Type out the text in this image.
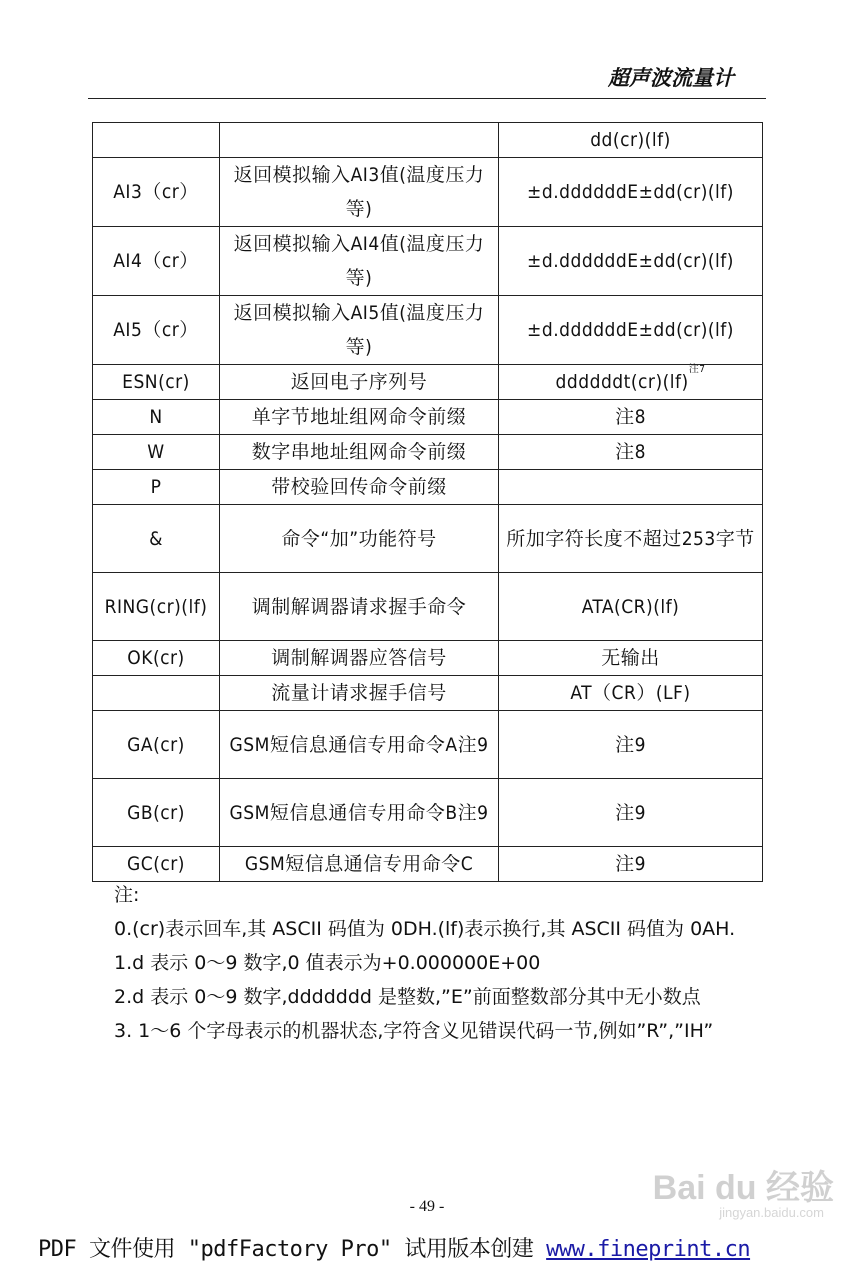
超声波流量计
		dd(cr)(lf)
AI3（cr）	返回模拟输入AI3值(温度压力等)	±d.ddddddE±dd(cr)(lf)
AI4（cr）	返回模拟输入AI4值(温度压力等)	±d.ddddddE±dd(cr)(lf)
AI5（cr）	返回模拟输入AI5值(温度压力等)	±d.ddddddE±dd(cr)(lf)
ESN(cr)	返回电子序列号	ddddddt(cr)(lf)$^{注7}$
N	单字节地址组网命令前缀	注8
W	数字串地址组网命令前缀	注8
P	带校验回传命令前缀	
&	命令“加”功能符号	所加字符长度不超过253字节
RING(cr)(lf)	调制解调器请求握手命令	ATA(CR)(lf)
OK(cr)	调制解调器应答信号	无输出
	流量计请求握手信号	AT（CR）(LF)
GA(cr)	GSM短信息通信专用命令A注9	注9
GB(cr)	GSM短信息通信专用命令B注9	注9
GC(cr)	GSM短信息通信专用命令C	注9

注:

0.(cr)表示回车,其 ASCII 码值为 0DH.(lf)表示换行,其 ASCII 码值为 0AH.

1.d 表示 0～9 数字,0 值表示为+0.000000E+00

2.d 表示 0～9 数字,ddddddd 是整数,”E”前面整数部分其中无小数点

3. 1～6 个字母表示的机器状态,字符含义见错误代码一节,例如”R”,”IH”

- 49 -	Bai du 经验
jingyan.baidu.com
PDF 文件使用 "pdfFactory Pro" 试用版本创建 www.fineprint.cn
